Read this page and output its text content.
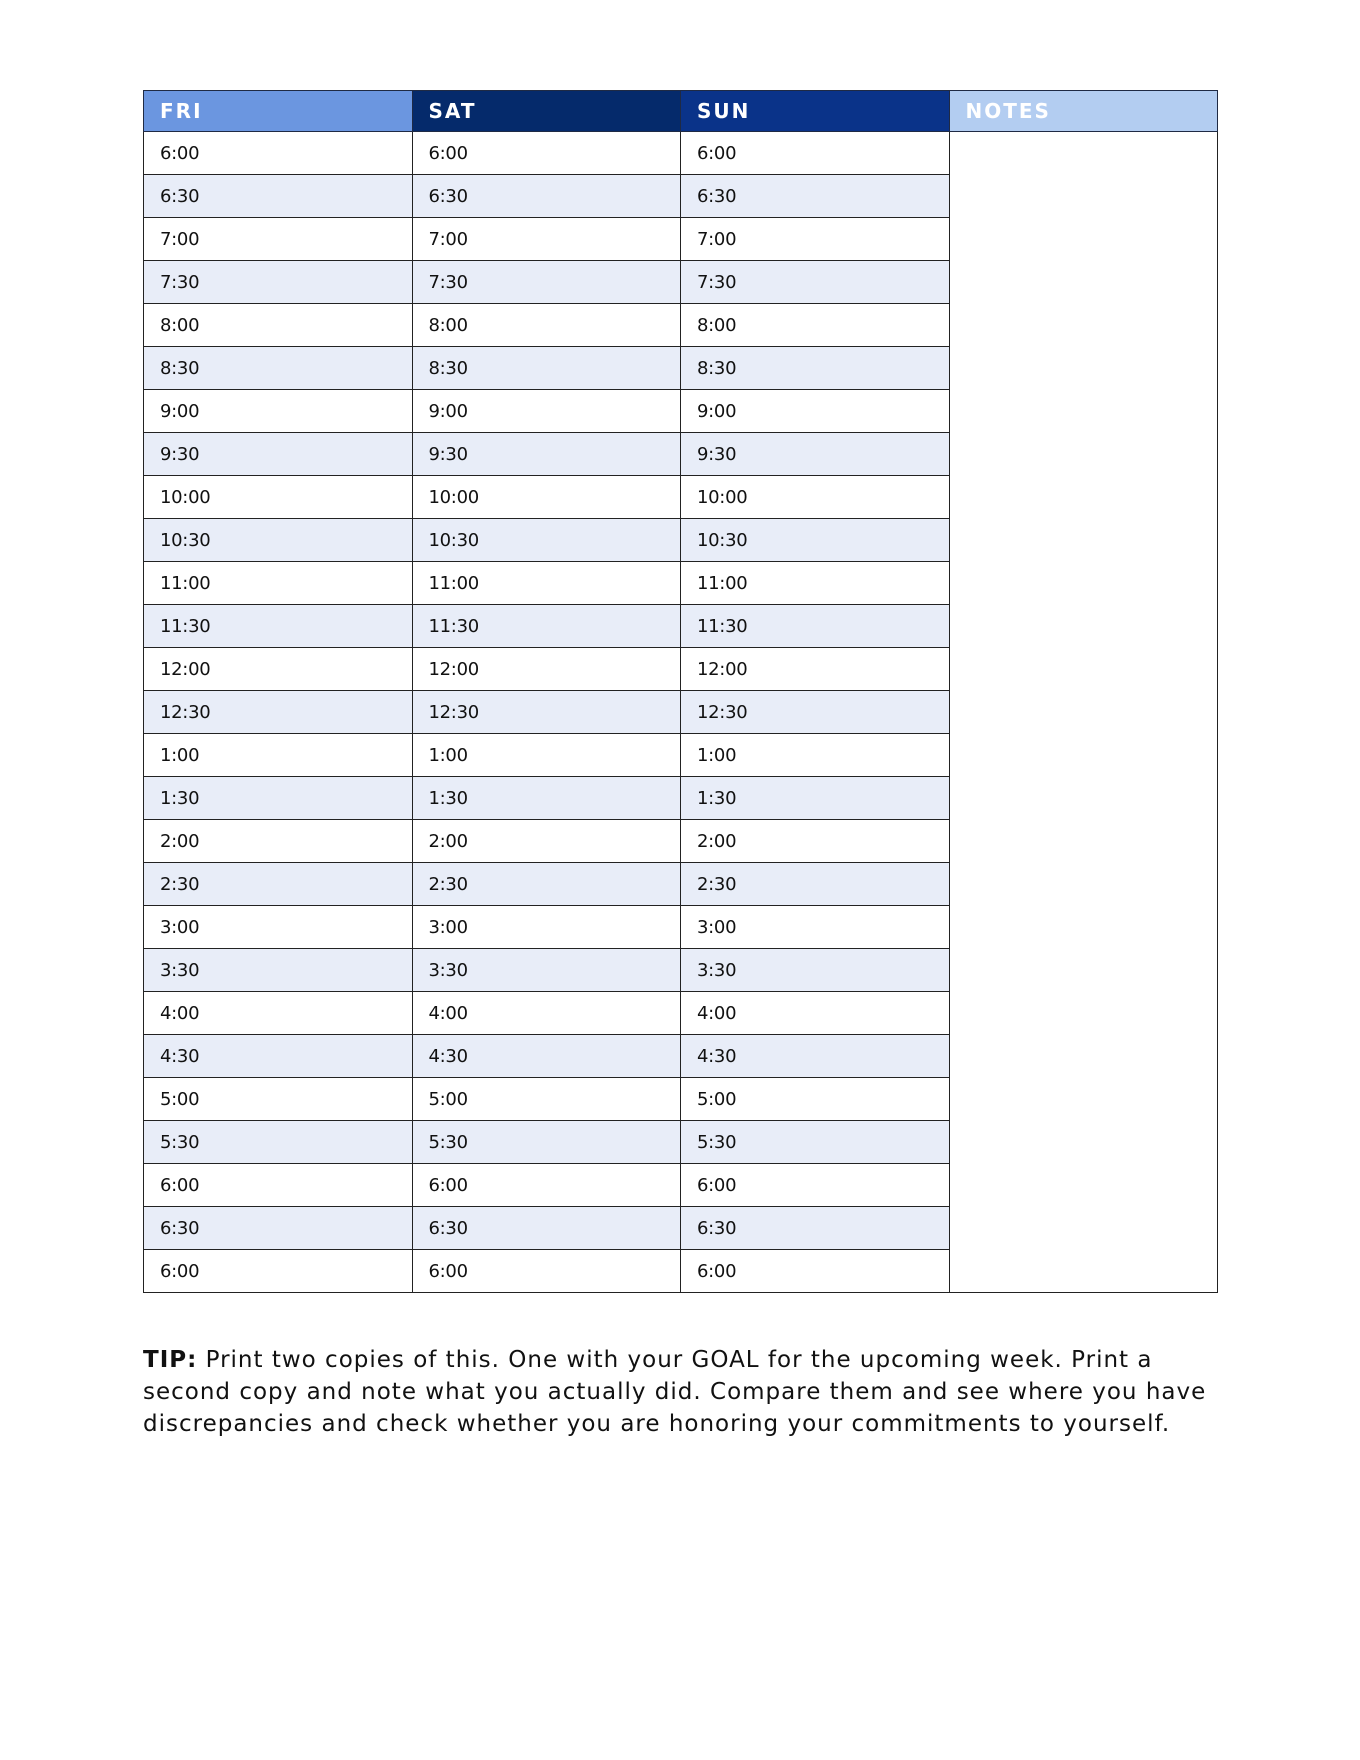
FRI	SAT	SUN	NOTES
6:00	6:00	6:00	
6:30	6:30	6:30	
7:00	7:00	7:00	
7:30	7:30	7:30	
8:00	8:00	8:00	
8:30	8:30	8:30	
9:00	9:00	9:00	
9:30	9:30	9:30	
10:00	10:00	10:00	
10:30	10:30	10:30	
11:00	11:00	11:00	
11:30	11:30	11:30	
12:00	12:00	12:00	
12:30	12:30	12:30	
1:00	1:00	1:00	
1:30	1:30	1:30	
2:00	2:00	2:00	
2:30	2:30	2:30	
3:00	3:00	3:00	
3:30	3:30	3:30	
4:00	4:00	4:00	
4:30	4:30	4:30	
5:00	5:00	5:00	
5:30	5:30	5:30	
6:00	6:00	6:00	
6:30	6:30	6:30	
6:00	6:00	6:00	

TIP: Print two copies of this. One with your GOAL for the upcoming week. Print a second copy and note what you actually did. Compare them and see where you have discrepancies and check whether you are honoring your commitments to yourself.
